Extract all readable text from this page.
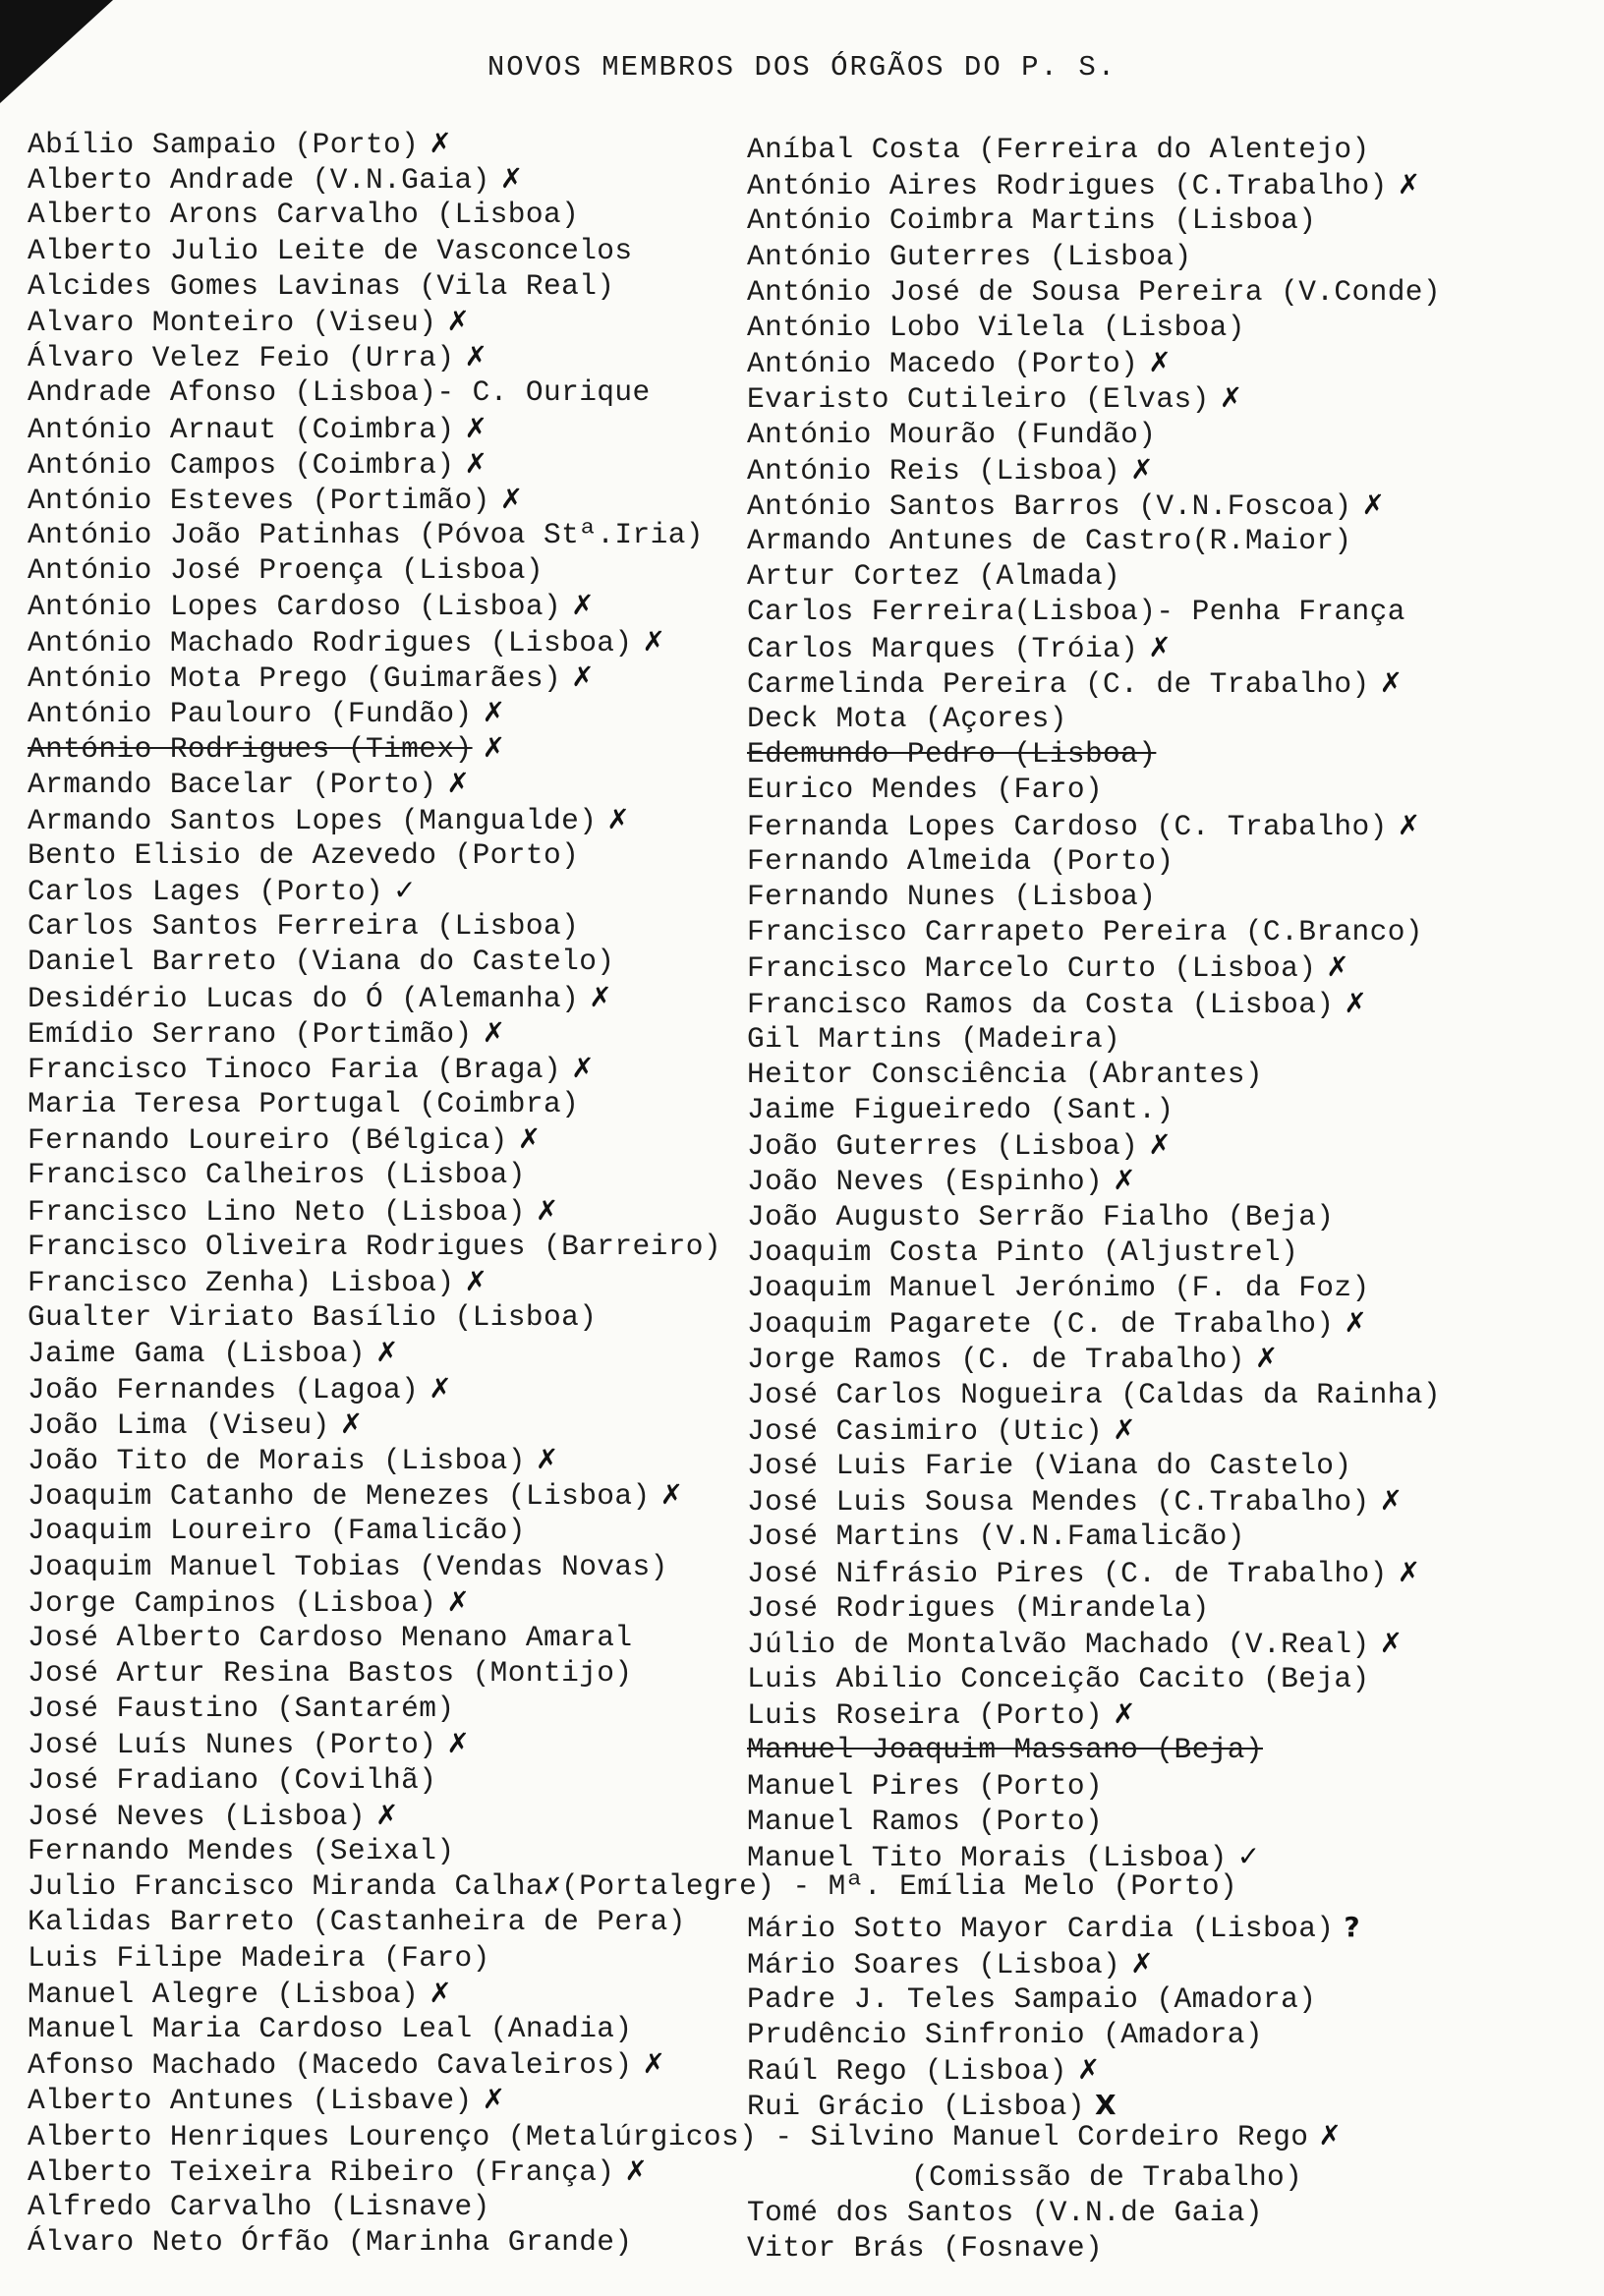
NOVOS MEMBROS DOS ÓRGÃOS DO P. S.
Abílio Sampaio (Porto) ✗
Alberto Andrade (V.N.Gaia) ✗
Alberto Arons Carvalho (Lisboa)
Alberto Julio Leite de Vasconcelos
Alcides Gomes Lavinas (Vila Real)
Alvaro Monteiro (Viseu) ✗
Álvaro Velez Feio (Urra) ✗
Andrade Afonso (Lisboa)- C. Ourique
António Arnaut (Coimbra) ✗
António Campos (Coimbra) ✗
António Esteves (Portimão) ✗
António João Patinhas (Póvoa Stª.Iria)
António José Proença (Lisboa)
António Lopes Cardoso (Lisboa) ✗
António Machado Rodrigues (Lisboa) ✗
António Mota Prego (Guimarães) ✗
António Paulouro (Fundão) ✗
António Rodrigues (Timex) ✗
Armando Bacelar (Porto) ✗
Armando Santos Lopes (Mangualde) ✗
Bento Elisio de Azevedo (Porto)
Carlos Lages (Porto) ✓
Carlos Santos Ferreira (Lisboa)
Daniel Barreto (Viana do Castelo)
Desidério Lucas do Ó (Alemanha) ✗
Emídio Serrano (Portimão) ✗
Francisco Tinoco Faria (Braga) ✗
Maria Teresa Portugal (Coimbra)
Fernando Loureiro (Bélgica) ✗
Francisco Calheiros (Lisboa)
Francisco Lino Neto (Lisboa) ✗
Francisco Oliveira Rodrigues (Barreiro)
Francisco Zenha) Lisboa) ✗
Gualter Viriato Basílio (Lisboa)
Jaime Gama (Lisboa) ✗
João Fernandes (Lagoa) ✗
João Lima (Viseu) ✗
João Tito de Morais (Lisboa) ✗
Joaquim Catanho de Menezes (Lisboa) ✗
Joaquim Loureiro (Famalicão)
Joaquim Manuel Tobias (Vendas Novas)
Jorge Campinos (Lisboa) ✗
José Alberto Cardoso Menano Amaral
José Artur Resina Bastos (Montijo)
José Faustino (Santarém)
José Luís Nunes (Porto) ✗
José Fradiano (Covilhã)
José Neves (Lisboa) ✗
Fernando Mendes (Seixal)
Julio Francisco Miranda Calha✗(Portalegre) - Mª. Emília Melo (Porto)
Kalidas Barreto (Castanheira de Pera)
Luis Filipe Madeira (Faro)
Manuel Alegre (Lisboa) ✗
Manuel Maria Cardoso Leal (Anadia)
Afonso Machado (Macedo Cavaleiros) ✗
Alberto Antunes (Lisbave) ✗
Alberto Henriques Lourenço (Metalúrgicos) - Silvino Manuel Cordeiro Rego ✗
Alberto Teixeira Ribeiro (França) ✗
Alfredo Carvalho (Lisnave)
Álvaro Neto Órfão (Marinha Grande)
Aníbal Costa (Ferreira do Alentejo)
António Aires Rodrigues (C.Trabalho) ✗
António Coimbra Martins (Lisboa)
António Guterres (Lisboa)
António José de Sousa Pereira (V.Conde)
António Lobo Vilela (Lisboa)
António Macedo (Porto) ✗
Evaristo Cutileiro (Elvas) ✗
António Mourão (Fundão)
António Reis (Lisboa) ✗
António Santos Barros (V.N.Foscoa) ✗
Armando Antunes de Castro(R.Maior)
Artur Cortez (Almada)
Carlos Ferreira(Lisboa)- Penha França
Carlos Marques (Tróia) ✗
Carmelinda Pereira (C. de Trabalho) ✗
Deck Mota (Açores)
Edemundo Pedro (Lisboa)
Eurico Mendes (Faro)
Fernanda Lopes Cardoso (C. Trabalho) ✗
Fernando Almeida (Porto)
Fernando Nunes (Lisboa)
Francisco Carrapeto Pereira (C.Branco)
Francisco Marcelo Curto (Lisboa) ✗
Francisco Ramos da Costa (Lisboa) ✗
Gil Martins (Madeira)
Heitor Consciência (Abrantes)
Jaime Figueiredo (Sant.)
João Guterres (Lisboa) ✗
João Neves (Espinho) ✗
João Augusto Serrão Fialho (Beja)
Joaquim Costa Pinto (Aljustrel)
Joaquim Manuel Jerónimo (F. da Foz)
Joaquim Pagarete (C. de Trabalho) ✗
Jorge Ramos (C. de Trabalho) ✗
José Carlos Nogueira (Caldas da Rainha)
José Casimiro (Utic) ✗
José Luis Farie (Viana do Castelo)
José Luis Sousa Mendes (C.Trabalho) ✗
José Martins (V.N.Famalicão)
José Nifrásio Pires (C. de Trabalho) ✗
José Rodrigues (Mirandela)
Júlio de Montalvão Machado (V.Real) ✗
Luis Abilio Conceição Cacito (Beja)
Luis Roseira (Porto) ✗
Manuel Joaquim Massano (Beja)
Manuel Pires (Porto)
Manuel Ramos (Porto)
Manuel Tito Morais (Lisboa) ✓
Mário Sotto Mayor Cardia (Lisboa) ?
Mário Soares (Lisboa) ✗
Padre J. Teles Sampaio (Amadora)
Prudêncio Sinfronio (Amadora)
Raúl Rego (Lisboa) ✗
Rui Grácio (Lisboa) X
(Comissão de Trabalho)
Tomé dos Santos (V.N.de Gaia)
Vitor Brás (Fosnave)
